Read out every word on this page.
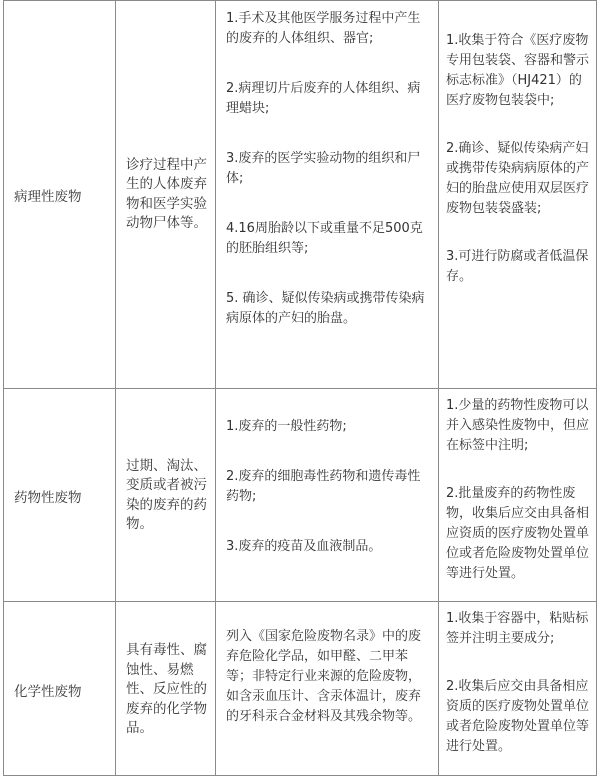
病理性废物
诊疗过程中产生的人体废弃物和医学实验动物尸体等。
1.手术及其他医学服务过程中产生的废弃的人体组织、器官;
2.病理切片后废弃的人体组织、病理蜡块;
3.废弃的医学实验动物的组织和尸体;
4.16周胎龄以下或重量不足500克的胚胎组织等;
5. 确诊、疑似传染病或携带传染病病原体的产妇的胎盘。
1.收集于符合《医疗废物专用包装袋、容器和警示标志标准》（HJ421）的医疗废物包装袋中;
2.确诊、疑似传染病产妇或携带传染病病原体的产妇的胎盘应使用双层医疗废物包装袋盛装;
3.可进行防腐或者低温保存。
药物性废物
过期、淘汰、变质或者被污染的废弃的药物。
1.废弃的一般性药物;
2.废弃的细胞毒性药物和遗传毒性药物;
3.废弃的疫苗及血液制品。
1.少量的药物性废物可以并入感染性废物中，但应在标签中注明;
2.批量废弃的药物性废物，收集后应交由具备相应资质的医疗废物处置单位或者危险废物处置单位等进行处置。
化学性废物
具有毒性、腐蚀性、易燃性、反应性的废弃的化学物品。
列入《国家危险废物名录》中的废弃危险化学品，如甲醛、二甲苯等；非特定行业来源的危险废物，如含汞血压计、含汞体温计，废弃的牙科汞合金材料及其残余物等。
1.收集于容器中，粘贴标签并注明主要成分;
2.收集后应交由具备相应资质的医疗废物处置单位或者危险废物处置单位等进行处置。
